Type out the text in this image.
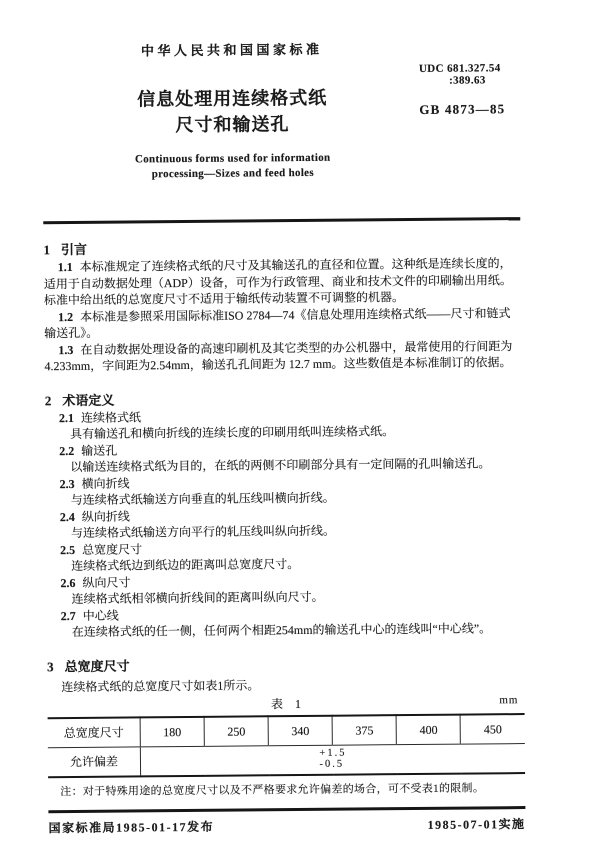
中华人民共和国国家标准
信息处理用连续格式纸
尺寸和输送孔
Continuous forms used for information
processing—Sizes and feed holes
UDC 681.327.54
:389.63
GB 4873—85
1 引言

1.1 本标准规定了连续格式纸的尺寸及其输送孔的直径和位置。这种纸是连续长度的，适用于自动数据处理（ADP）设备，可作为行政管理、商业和技术文件的印刷输出用纸。标准中给出纸的总宽度尺寸不适用于输纸传动装置不可调整的机器。

1.2 本标准是参照采用国际标准ISO 2784—74《信息处理用连续格式纸——尺寸和链式输送孔》。

1.3 在自动数据处理设备的高速印刷机及其它类型的办公机器中，最常使用的行间距为4.233mm，字间距为2.54mm，输送孔孔间距为 12.7 mm。这些数值是本标准制订的依据。

2 术语定义
2.1 连续格式纸
具有输送孔和横向折线的连续长度的印刷用纸叫连续格式纸。
2.2 输送孔
以输送连续格式纸为目的，在纸的两侧不印刷部分具有一定间隔的孔叫输送孔。
2.3 横向折线
与连续格式纸输送方向垂直的轧压线叫横向折线。
2.4 纵向折线
与连续格式纸输送方向平行的轧压线叫纵向折线。
2.5 总宽度尺寸
连续格式纸边到纸边的距离叫总宽度尺寸。
2.6 纵向尺寸
连续格式纸相邻横向折线间的距离叫纵向尺寸。
2.7 中心线
在连续格式纸的任一侧，任何两个相距254mm的输送孔中心的连线叫“中心线”。
3 总宽度尺寸
连续格式纸的总宽度尺寸如表1所示。
表　1	mm
总宽度尺寸	180	250	340	375	400	450
允许偏差	+1.5
-0.5					
注：对于特殊用途的总宽度尺寸以及不严格要求允许偏差的场合，可不受表1的限制。
国家标准局1985-01-17发布	1985-07-01实施
